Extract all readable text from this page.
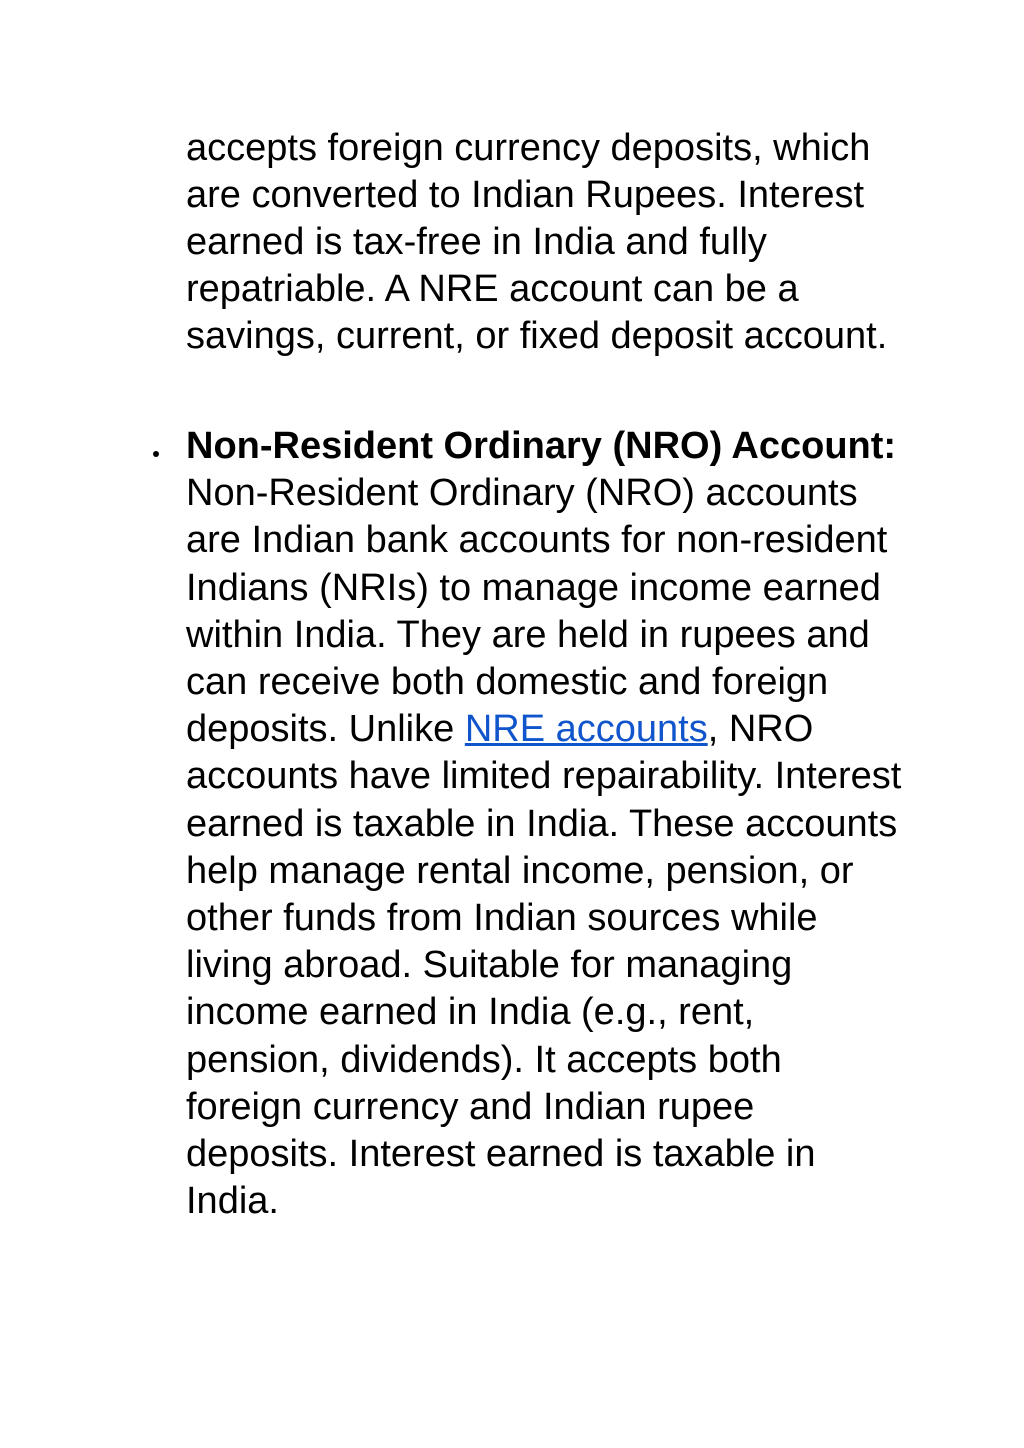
accepts foreign currency deposits, which are converted to Indian Rupees. Interest earned is tax-free in India and fully repatriable. A NRE account can be a savings, current, or fixed deposit account.

Non-Resident Ordinary (NRO) Account: Non-Resident Ordinary (NRO) accounts are Indian bank accounts for non-resident Indians (NRIs) to manage income earned within India. They are held in rupees and can receive both domestic and foreign deposits. Unlike NRE accounts, NRO accounts have limited repairability. Interest earned is taxable in India. These accounts help manage rental income, pension, or other funds from Indian sources while living abroad. Suitable for managing income earned in India (e.g., rent, pension, dividends). It accepts both foreign currency and Indian rupee deposits. Interest earned is taxable in India.
